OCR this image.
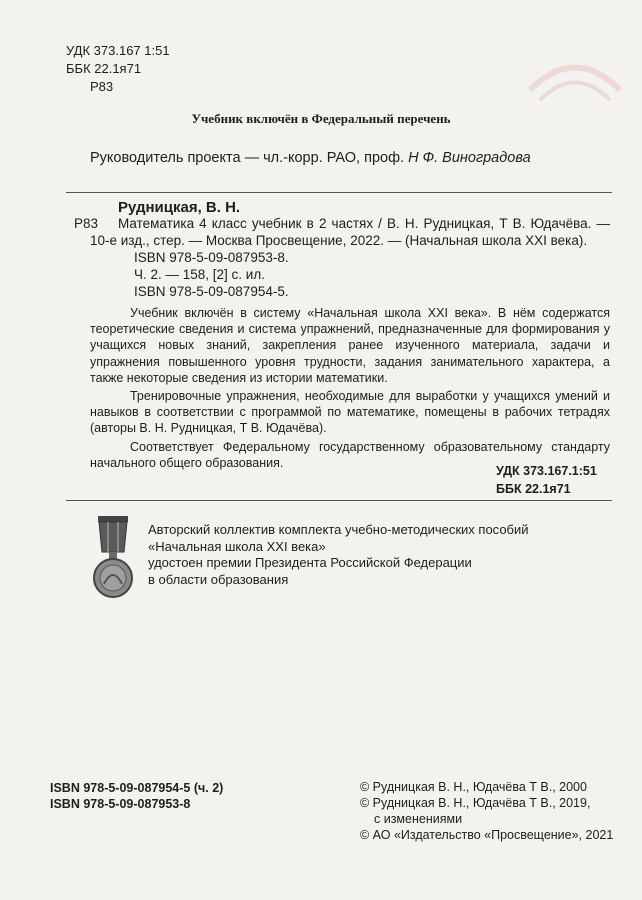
УДК 373.167 1:51
ББК 22.1я71
Р83
Учебник включён в Федеральный перечень
Руководитель проекта — чл.-корр. РАО, проф. Н Ф. Виноградова
Рудницкая, В. Н.
Р83	Математика 4 класс учебник в 2 частях / В. Н. Рудницкая, Т В. Юдачёва. — 10-е изд., стер. — Москва Просвещение, 2022. — (Начальная школа XXI века).
ISBN 978-5-09-087953-8.
Ч. 2. — 158, [2] с. ил.
ISBN 978-5-09-087954-5.

Учебник включён в систему «Начальная школа XXI века». В нём содержатся теоретические сведения и система упражнений, предназначенные для формирования у учащихся новых знаний, закрепления ранее изученного материала, задачи и упражнения повышенного уровня трудности, задания занимательного характера, а также некоторые сведения из истории математики.

Тренировочные упражнения, необходимые для выработки у учащихся умений и навыков в соответствии с программой по математике, помещены в рабочих тетрадях (авторы В. Н. Рудницкая, Т В. Юдачёва).

Соответствует Федеральному государственному образовательному стандарту начального общего образования.

УДК 373.167.1:51
ББК 22.1я71
Авторский коллектив комплекта учебно-методических пособий
«Начальная школа XXI века»
удостоен премии Президента Российской Федерации
в области образования
ISBN 978-5-09-087954-5 (ч. 2)
ISBN 978-5-09-087953-8
© Рудницкая В. Н., Юдачёва Т В., 2000
© Рудницкая В. Н., Юдачёва Т В., 2019,
с изменениями
© АО «Издательство «Просвещение», 2021
